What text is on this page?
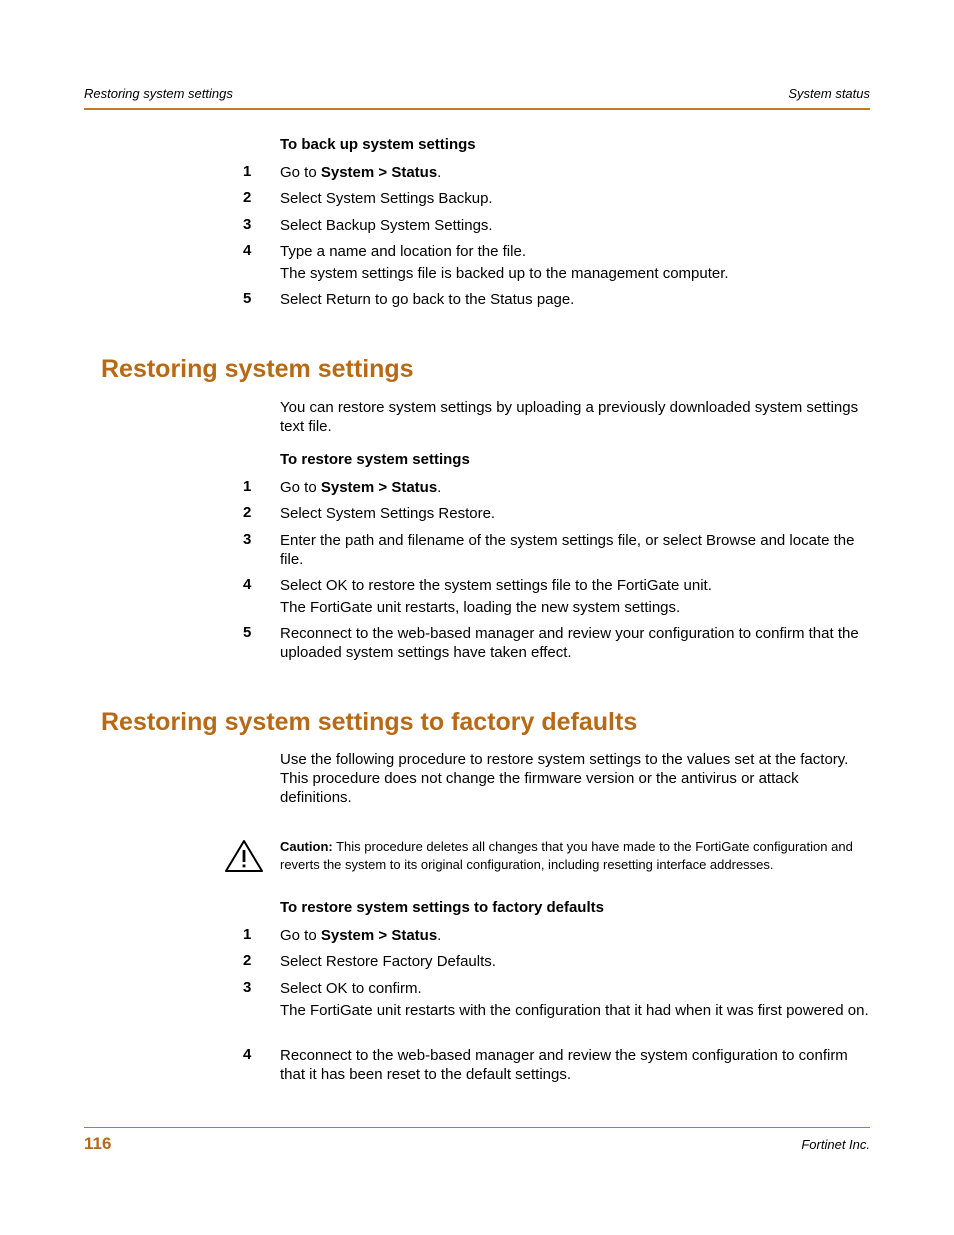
Restoring system settings	System status
To back up system settings
1 Go to System > Status.
2 Select System Settings Backup.
3 Select Backup System Settings.
4 Type a name and location for the file.
The system settings file is backed up to the management computer.
5 Select Return to go back to the Status page.
Restoring system settings
You can restore system settings by uploading a previously downloaded system settings text file.
To restore system settings
1 Go to System > Status.
2 Select System Settings Restore.
3 Enter the path and filename of the system settings file, or select Browse and locate the file.
4 Select OK to restore the system settings file to the FortiGate unit.
The FortiGate unit restarts, loading the new system settings.
5 Reconnect to the web-based manager and review your configuration to confirm that the uploaded system settings have taken effect.
Restoring system settings to factory defaults
Use the following procedure to restore system settings to the values set at the factory. This procedure does not change the firmware version or the antivirus or attack definitions.
Caution: This procedure deletes all changes that you have made to the FortiGate configuration and reverts the system to its original configuration, including resetting interface addresses.
To restore system settings to factory defaults
1 Go to System > Status.
2 Select Restore Factory Defaults.
3 Select OK to confirm.
The FortiGate unit restarts with the configuration that it had when it was first powered on.
4 Reconnect to the web-based manager and review the system configuration to confirm that it has been reset to the default settings.
116	Fortinet Inc.
